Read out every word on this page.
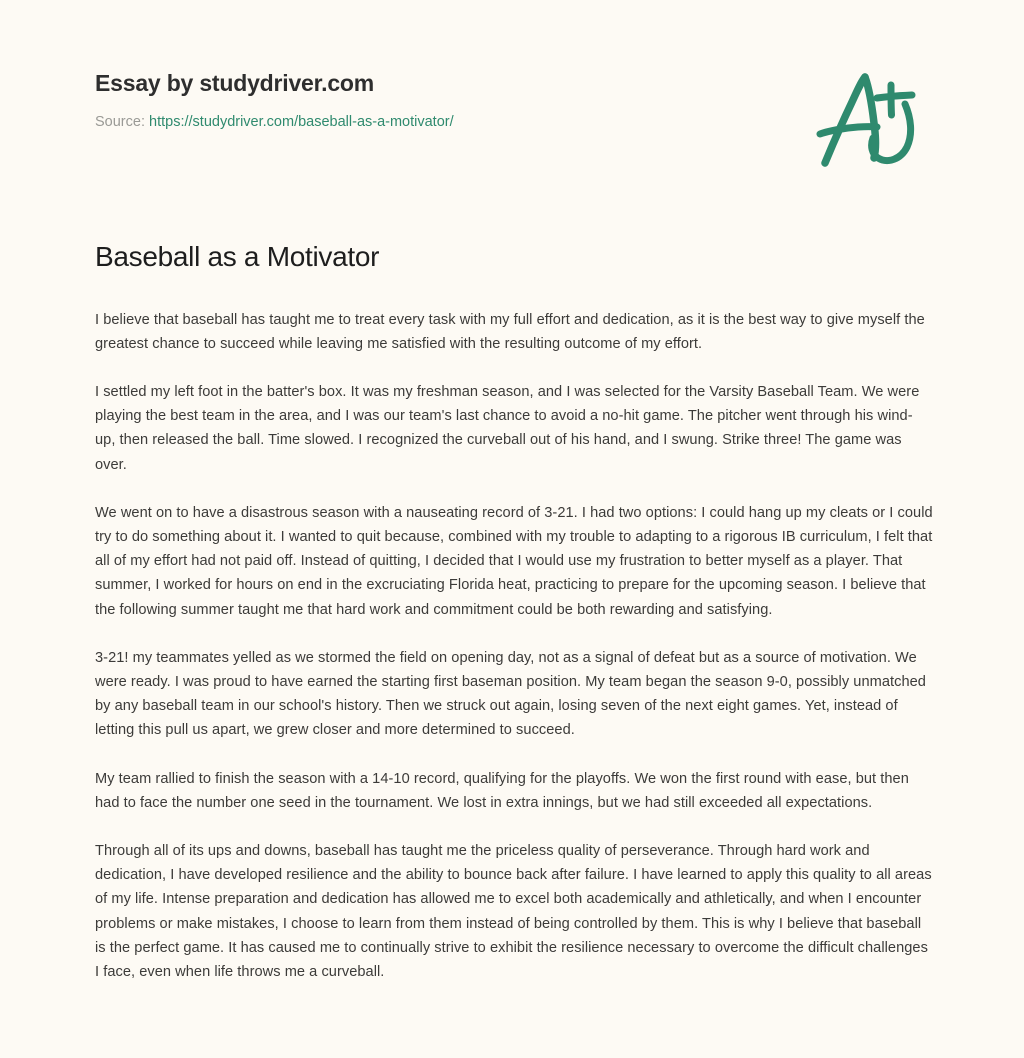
Essay by studydriver.com
Source: https://studydriver.com/baseball-as-a-motivator/
Baseball as a Motivator

I believe that baseball has taught me to treat every task with my full effort and dedication, as it is the best way to give myself the greatest chance to succeed while leaving me satisfied with the resulting outcome of my effort.

I settled my left foot in the batter's box. It was my freshman season, and I was selected for the Varsity Baseball Team. We were playing the best team in the area, and I was our team's last chance to avoid a no-hit game. The pitcher went through his wind-up, then released the ball. Time slowed. I recognized the curveball out of his hand, and I swung. Strike three! The game was over.

We went on to have a disastrous season with a nauseating record of 3-21. I had two options: I could hang up my cleats or I could try to do something about it. I wanted to quit because, combined with my trouble to adapting to a rigorous IB curriculum, I felt that all of my effort had not paid off. Instead of quitting, I decided that I would use my frustration to better myself as a player. That summer, I worked for hours on end in the excruciating Florida heat, practicing to prepare for the upcoming season. I believe that the following summer taught me that hard work and commitment could be both rewarding and satisfying.

3-21! my teammates yelled as we stormed the field on opening day, not as a signal of defeat but as a source of motivation. We were ready. I was proud to have earned the starting first baseman position. My team began the season 9-0, possibly unmatched by any baseball team in our school's history. Then we struck out again, losing seven of the next eight games. Yet, instead of letting this pull us apart, we grew closer and more determined to succeed.

My team rallied to finish the season with a 14-10 record, qualifying for the playoffs. We won the first round with ease, but then had to face the number one seed in the tournament. We lost in extra innings, but we had still exceeded all expectations.

Through all of its ups and downs, baseball has taught me the priceless quality of perseverance. Through hard work and dedication, I have developed resilience and the ability to bounce back after failure. I have learned to apply this quality to all areas of my life. Intense preparation and dedication has allowed me to excel both academically and athletically, and when I encounter problems or make mistakes, I choose to learn from them instead of being controlled by them. This is why I believe that baseball is the perfect game. It has caused me to continually strive to exhibit the resilience necessary to overcome the difficult challenges I face, even when life throws me a curveball.
